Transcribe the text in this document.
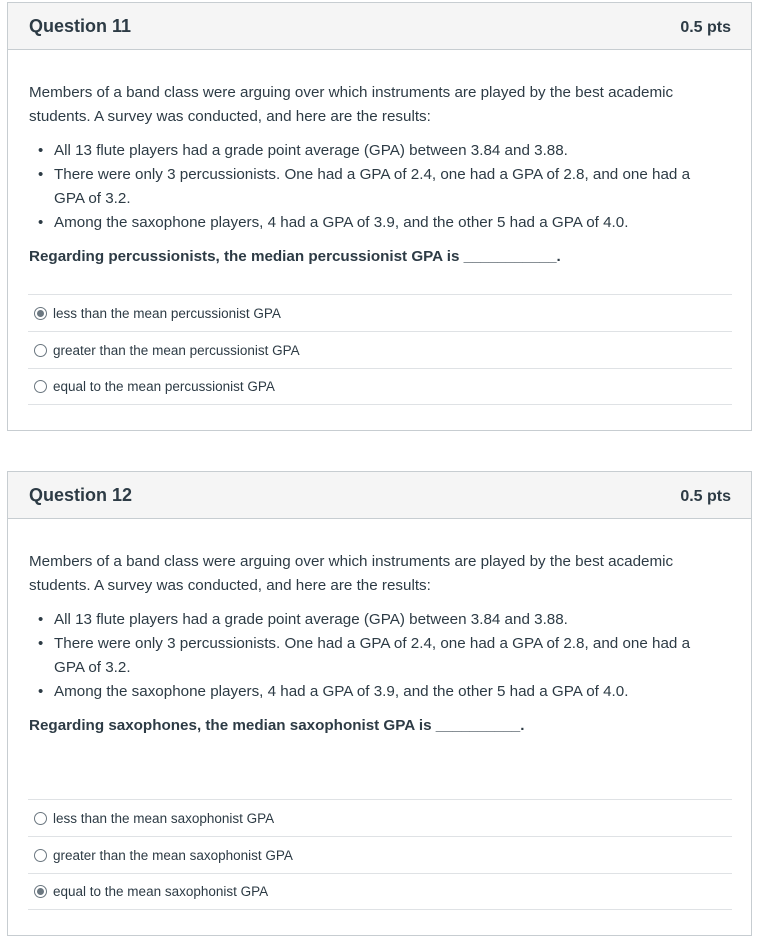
Question 11	0.5 pts

Members of a band class were arguing over which instruments are played by the best academic students. A survey was conducted, and here are the results:

• All 13 flute players had a grade point average (GPA) between 3.84 and 3.88.
• There were only 3 percussionists. One had a GPA of 2.4, one had a GPA of 2.8, and one had a GPA of 3.2.
• Among the saxophone players, 4 had a GPA of 3.9, and the other 5 had a GPA of 4.0.
Regarding percussionists, the median percussionist GPA is ___________.
less than the mean percussionist GPA
greater than the mean percussionist GPA
equal to the mean percussionist GPA
Question 12	0.5 pts

Members of a band class were arguing over which instruments are played by the best academic students. A survey was conducted, and here are the results:

• All 13 flute players had a grade point average (GPA) between 3.84 and 3.88.
• There were only 3 percussionists. One had a GPA of 2.4, one had a GPA of 2.8, and one had a GPA of 3.2.
• Among the saxophone players, 4 had a GPA of 3.9, and the other 5 had a GPA of 4.0.
Regarding saxophones, the median saxophonist GPA is __________.
less than the mean saxophonist GPA
greater than the mean saxophonist GPA
equal to the mean saxophonist GPA
